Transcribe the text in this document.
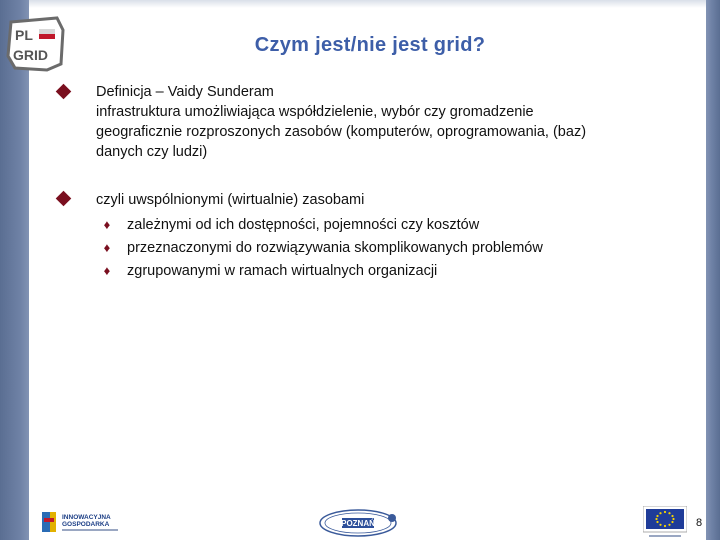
PL
GRID	Czym jest/nie jest grid?
Definicja – Vaidy Sunderam
infrastruktura umożliwiająca współdzielenie, wybór czy gromadzenie
geograficznie rozproszonych zasobów (komputerów, oprogramowania, (baz)
danych czy ludzi)
czyli uwspólnionymi (wirtualnie) zasobami
♦ zależnymi od ich dostępności, pojemności czy kosztów
♦ przeznaczonymi do rozwiązywania skomplikowanych problemów
♦ zgrupowanymi w ramach wirtualnych organizacji
INNOWACYJNA
GOSPODARKA	POZNAŃ	8
